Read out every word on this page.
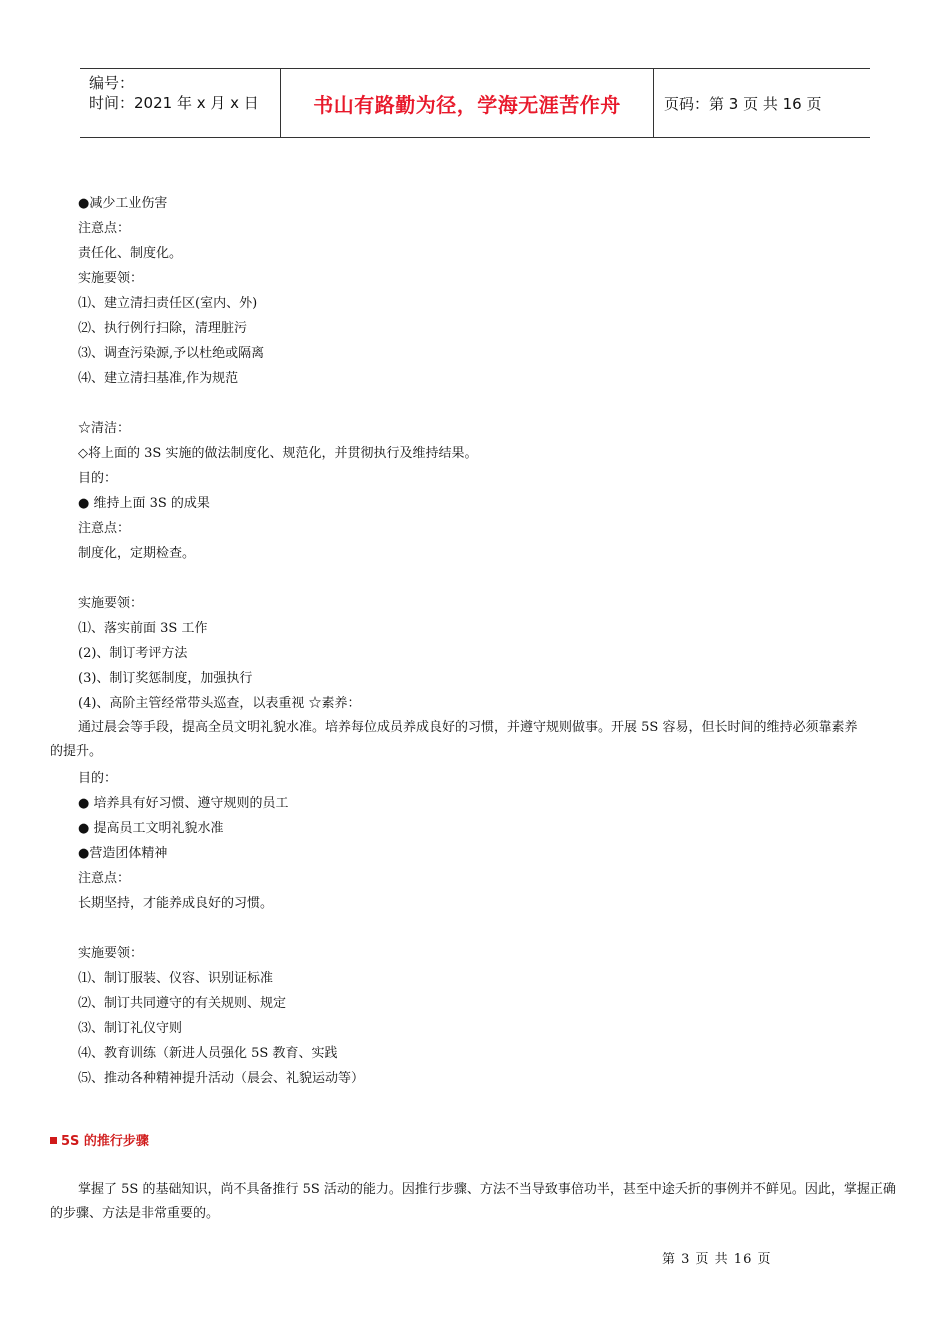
编号：
时间：2021 年 x 月 x 日	书山有路勤为径，学海无涯苦作舟	页码：第 3 页 共 16 页
●减少工业伤害
注意点：
责任化、制度化。
实施要领：
⑴、建立清扫责任区(室内、外)
⑵、执行例行扫除，清理脏污
⑶、调查污染源,予以杜绝或隔离
⑷、建立清扫基准,作为规范
☆清洁：
◇将上面的 3S 实施的做法制度化、规范化，并贯彻执行及维持结果。
目的：
● 维持上面 3S 的成果
注意点：
制度化，定期检查。
实施要领：
⑴、落实前面 3S 工作
(2)、制订考评方法
(3)、制订奖惩制度，加强执行
(4)、高阶主管经常带头巡查，以表重视 ☆素养：
通过晨会等手段，提高全员文明礼貌水准。培养每位成员养成良好的习惯，并遵守规则做事。开展 5S 容易，但长时间的维持必须靠素养的提升。
目的：
● 培养具有好习惯、遵守规则的员工
● 提高员工文明礼貌水准
●营造团体精神
注意点：
长期坚持，才能养成良好的习惯。
实施要领：
⑴、制订服装、仪容、识别证标准
⑵、制订共同遵守的有关规则、规定
⑶、制订礼仪守则
⑷、教育训练（新进人员强化 5S 教育、实践
⑸、推动各种精神提升活动（晨会、礼貌运动等）
5S 的推行步骤
掌握了 5S 的基础知识，尚不具备推行 5S 活动的能力。因推行步骤、方法不当导致事倍功半，甚至中途夭折的事例并不鲜见。因此，掌握正确的步骤、方法是非常重要的。
第 3 页 共 16 页
